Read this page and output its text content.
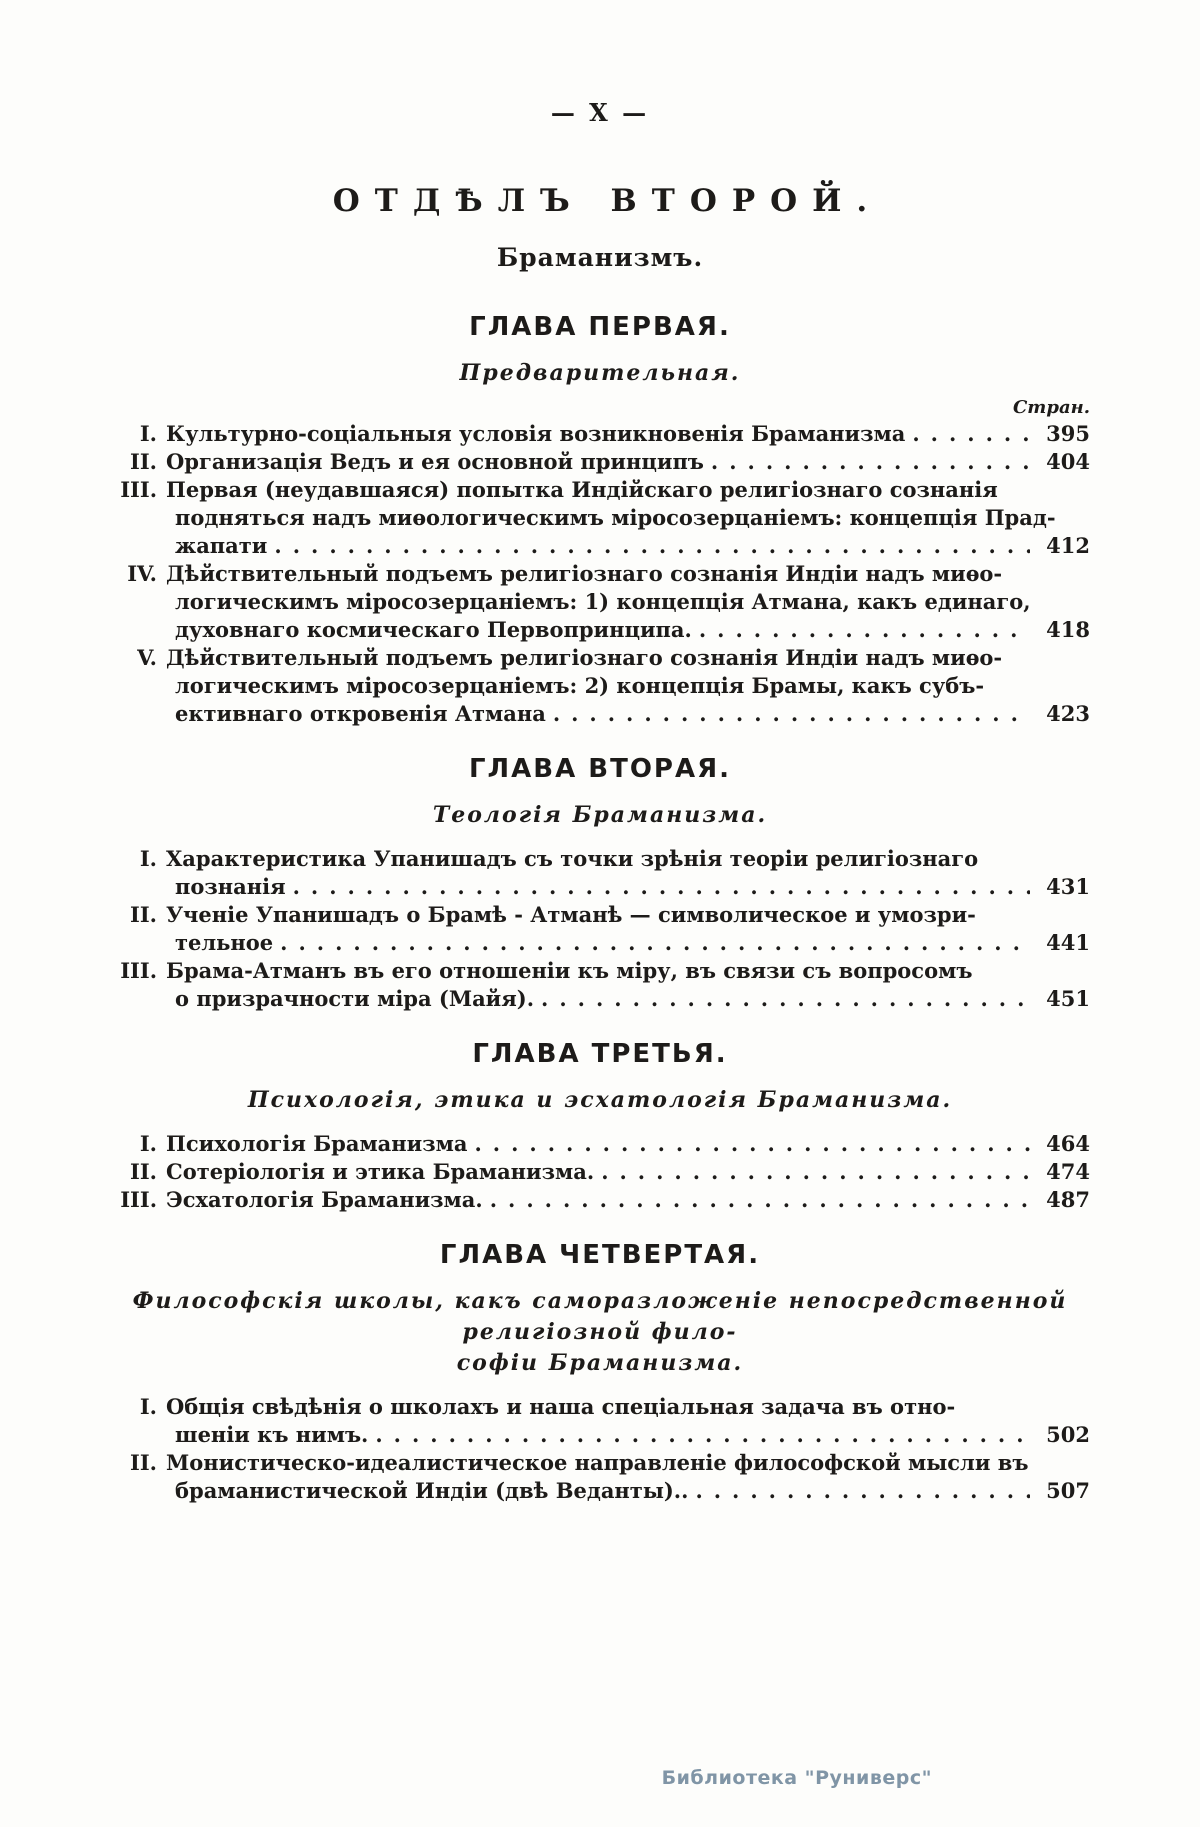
— X —
ОТДѢЛЪ ВТОРОЙ.
Браманизмъ.
ГЛАВА ПЕРВАЯ.
Предварительная.
Стран.
I. Культурно-соціальныя условія возникновенія Браманизма .....	395
II. Организація Ведъ и ея основной принципъ .....	404
III. Первая (неудавшаяся) попытка Индійскаго религіознаго сознанія
подняться надъ миѳологическимъ міросозерцаніемъ: концепція Прад-
жапати .....	412
IV. Дѣйствительный подъемъ религіознаго сознанія Индіи надъ миѳо-
логическимъ міросозерцаніемъ: 1) концепція Атмана, какъ единаго,
духовнаго космическаго Первопринципа. .....	418
V. Дѣйствительный подъемъ религіознаго сознанія Индіи надъ миѳо-
логическимъ міросозерцаніемъ: 2) концепція Брамы, какъ субъ-
ективнаго откровенія Атмана .....	423
ГЛАВА ВТОРАЯ.
Теологія Браманизма.
I. Характеристика Упанишадъ съ точки зрѣнія теоріи религіознаго
познанія .....	431
II. Ученіе Упанишадъ о Брамѣ - Атманѣ — символическое и умозри-
тельное .....	441
III. Брама-Атманъ въ его отношеніи къ міру, въ связи съ вопросомъ
о призрачности міра (Майя). .....	451
ГЛАВА ТРЕТЬЯ.
Психологія, этика и эсхатологія Браманизма.
I. Психологія Браманизма .....	464
II. Сотеріологія и этика Браманизма. .....	474
III. Эсхатологія Браманизма. .....	487
ГЛАВА ЧЕТВЕРТАЯ.
Философскія школы, какъ саморазложеніе непосредственной религіозной фило-
софіи Браманизма.
I. Общія свѣдѣнія о школахъ и наша спеціальная задача въ отно-
шеніи къ нимъ. .....	502
II. Монистическо-идеалистическое направленіе философской мысли въ
браманистической Индіи (двѣ Веданты).. .....	507
Библиотека "Руниверс"
